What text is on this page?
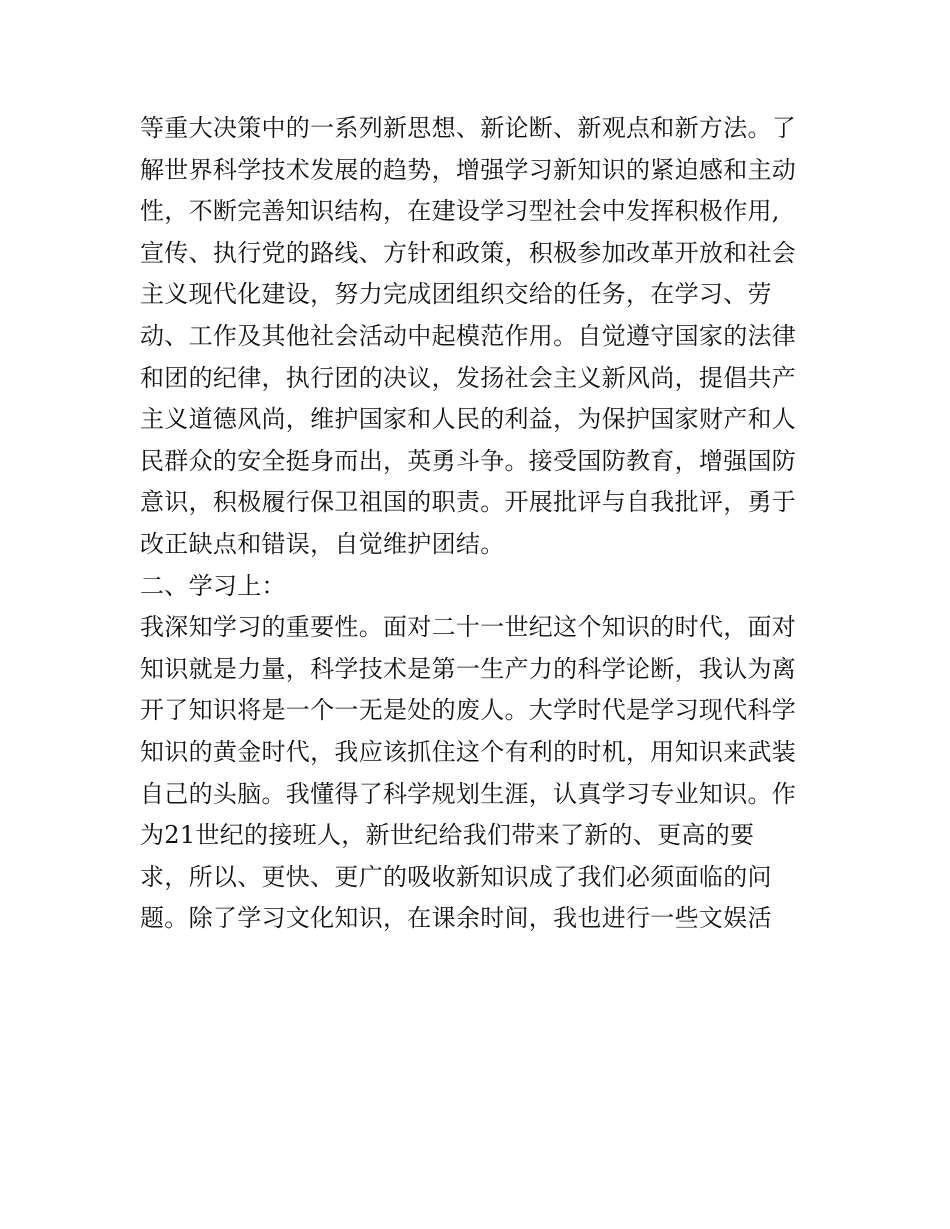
等重大决策中的一系列新思想、新论断、新观点和新方法。了
解世界科学技术发展的趋势，增强学习新知识的紧迫感和主动
性，不断完善知识结构，在建设学习型社会中发挥积极作用,
宣传、执行党的路线、方针和政策，积极参加改革开放和社会
主义现代化建设，努力完成团组织交给的任务，在学习、劳
动、工作及其他社会活动中起模范作用。自觉遵守国家的法律
和团的纪律，执行团的决议，发扬社会主义新风尚，提倡共产
主义道德风尚，维护国家和人民的利益，为保护国家财产和人
民群众的安全挺身而出，英勇斗争。接受国防教育，增强国防
意识，积极履行保卫祖国的职责。开展批评与自我批评，勇于
改正缺点和错误，自觉维护团结。
二、学习上：
我深知学习的重要性。面对二十一世纪这个知识的时代，面对
知识就是力量，科学技术是第一生产力的科学论断，我认为离
开了知识将是一个一无是处的废人。大学时代是学习现代科学
知识的黄金时代，我应该抓住这个有利的时机，用知识来武装
自己的头脑。我懂得了科学规划生涯，认真学习专业知识。作
为21世纪的接班人，新世纪给我们带来了新的、更高的要
求，所以、更快、更广的吸收新知识成了我们必须面临的问
题。除了学习文化知识，在课余时间，我也进行一些文娱活
